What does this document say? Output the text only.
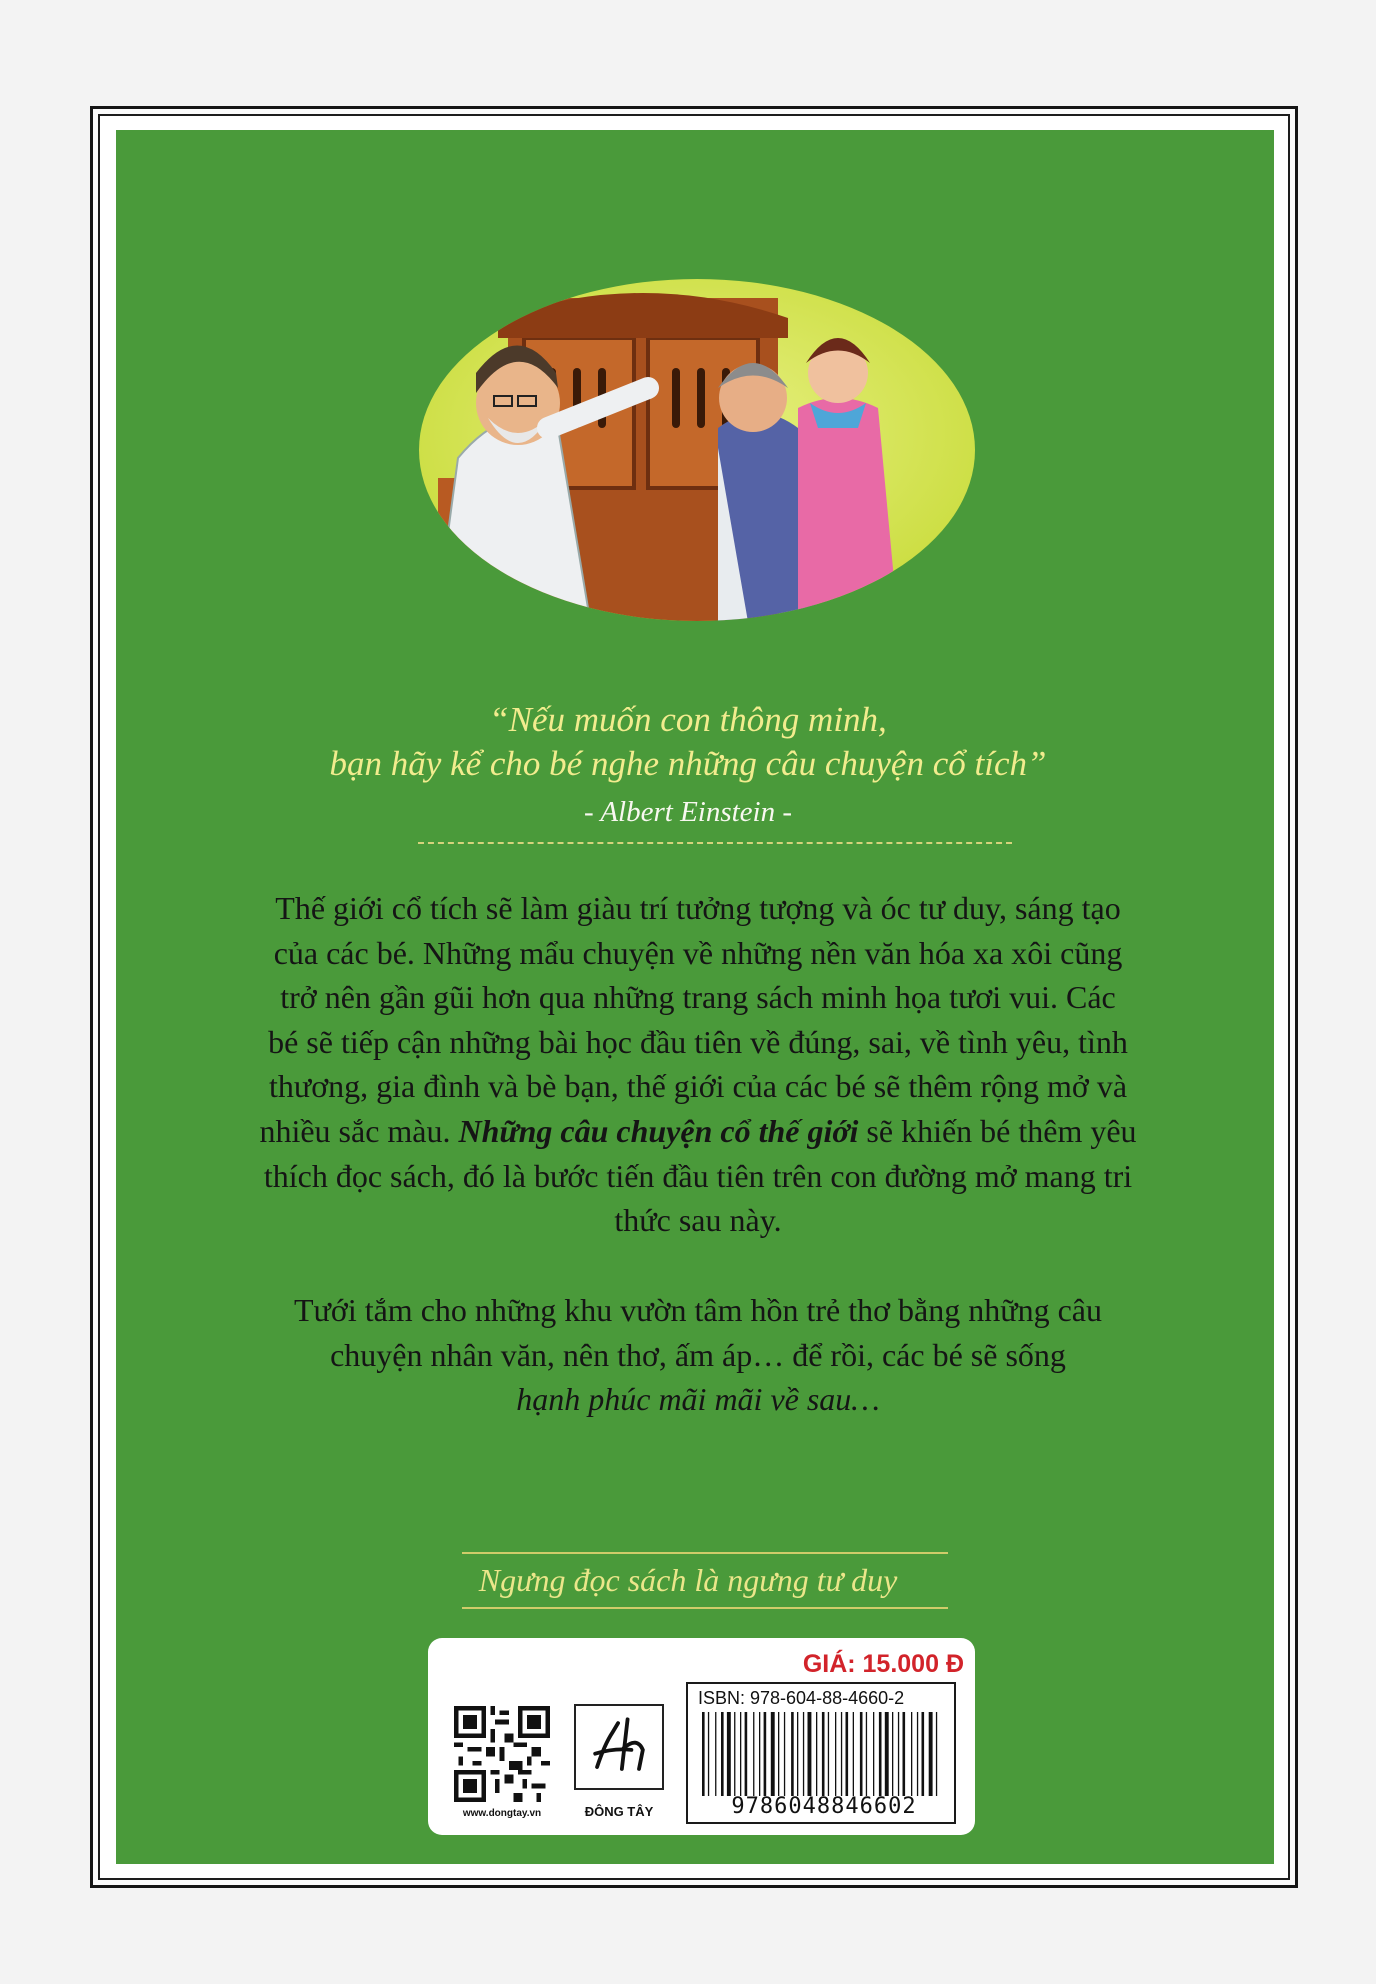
“Nếu muốn con thông minh,
bạn hãy kể cho bé nghe những câu chuyện cổ tích”
- Albert Einstein -
Thế giới cổ tích sẽ làm giàu trí tưởng tượng và óc tư duy, sáng tạo
của các bé. Những mẩu chuyện về những nền văn hóa xa xôi cũng
trở nên gần gũi hơn qua những trang sách minh họa tươi vui. Các
bé sẽ tiếp cận những bài học đầu tiên về đúng, sai, về tình yêu, tình
thương, gia đình và bè bạn, thế giới của các bé sẽ thêm rộng mở và
nhiều sắc màu. Những câu chuyện cổ thế giới sẽ khiến bé thêm yêu
thích đọc sách, đó là bước tiến đầu tiên trên con đường mở mang tri
thức sau này.
Tưới tắm cho những khu vườn tâm hồn trẻ thơ bằng những câu
chuyện nhân văn, nên thơ, ấm áp… để rồi, các bé sẽ sống
hạnh phúc mãi mãi về sau…
Ngưng đọc sách là ngưng tư duy
www.dongtay.vn	ĐÔNG TÂY
GIÁ: 15.000 Đ
ISBN: 978-604-88-4660-2
9786048846602
